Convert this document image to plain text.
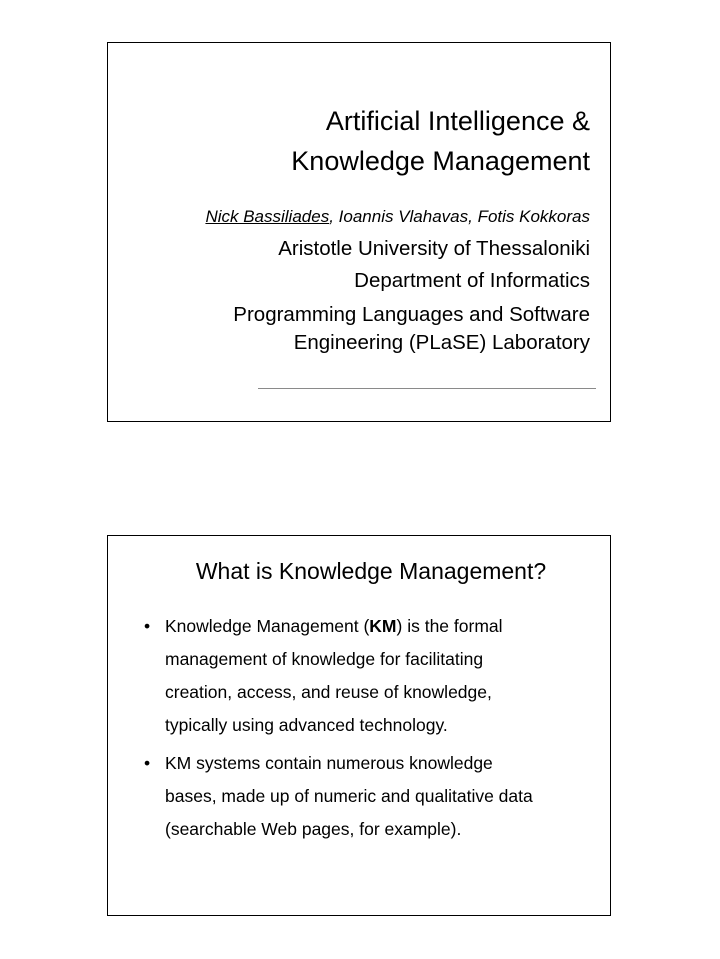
Artificial Intelligence &
Knowledge Management
Nick Bassiliades, Ioannis Vlahavas, Fotis Kokkoras
Aristotle University of Thessaloniki
Department of Informatics
Programming Languages and Software
Engineering (PLaSE) Laboratory
What is Knowledge Management?
• Knowledge Management (KM) is the formal
management of knowledge for facilitating
creation, access, and reuse of knowledge,
typically using advanced technology.
• KM systems contain numerous knowledge
bases, made up of numeric and qualitative data
(searchable Web pages, for example).
